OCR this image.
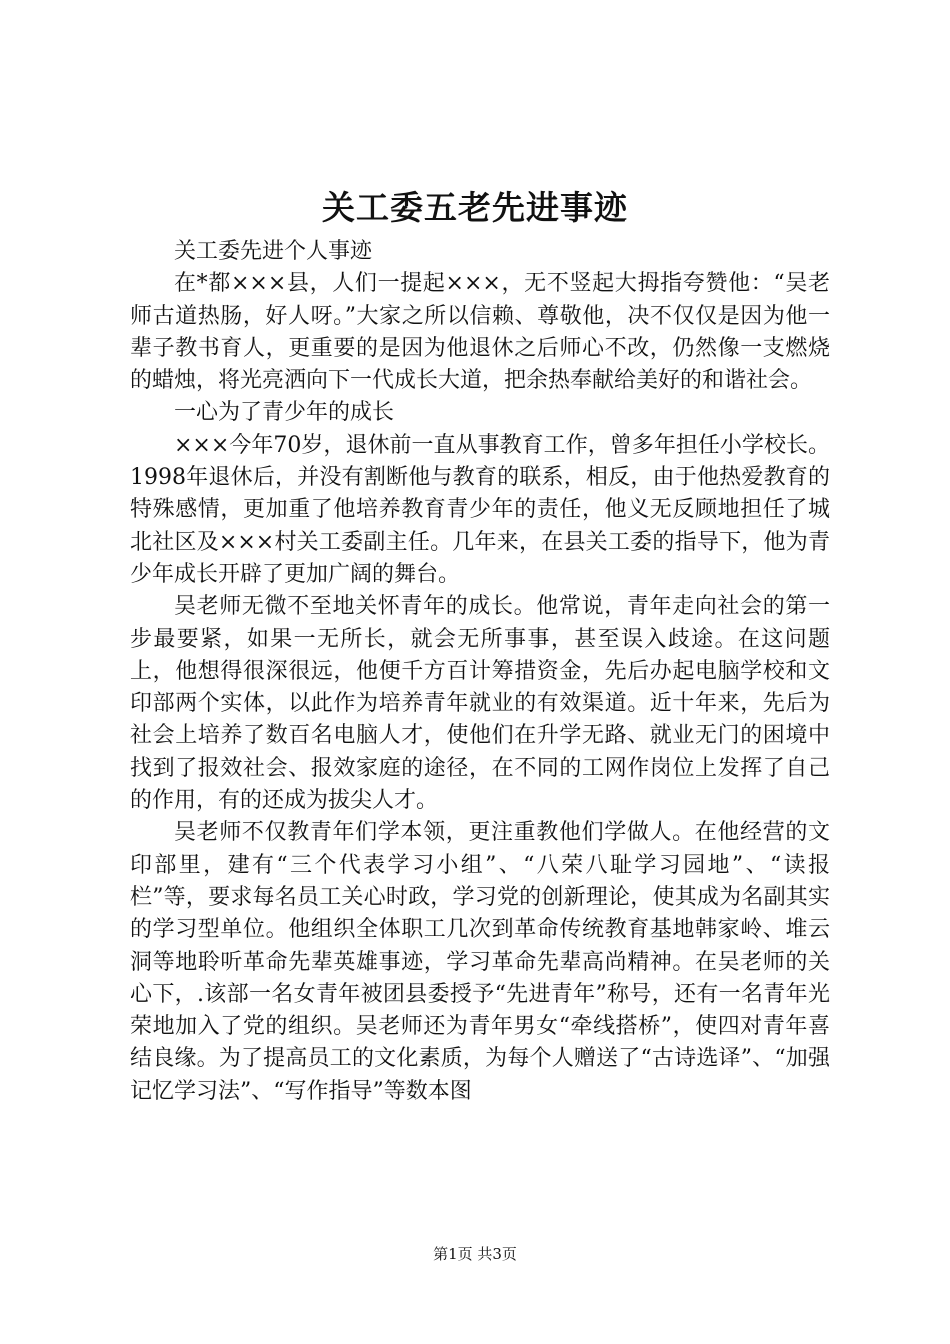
关工委五老先进事迹

关工委先进个人事迹

在*都×××县，人们一提起×××，无不竖起大拇指夸赞他：“吴老师古道热肠，好人呀。”大家之所以信赖、尊敬他，决不仅仅是因为他一辈子教书育人，更重要的是因为他退休之后师心不改，仍然像一支燃烧的蜡烛，将光亮洒向下一代成长大道，把余热奉献给美好的和谐社会。

一心为了青少年的成长

×××今年70岁，退休前一直从事教育工作，曾多年担任小学校长。1998年退休后，并没有割断他与教育的联系，相反，由于他热爱教育的特殊感情，更加重了他培养教育青少年的责任，他义无反顾地担任了城北社区及×××村关工委副主任。几年来，在县关工委的指导下，他为青少年成长开辟了更加广阔的舞台。

吴老师无微不至地关怀青年的成长。他常说，青年走向社会的第一步最要紧，如果一无所长，就会无所事事，甚至误入歧途。在这问题上，他想得很深很远，他便千方百计筹措资金，先后办起电脑学校和文印部两个实体，以此作为培养青年就业的有效渠道。近十年来，先后为社会上培养了数百名电脑人才，使他们在升学无路、就业无门的困境中找到了报效社会、报效家庭的途径，在不同的工网作岗位上发挥了自己的作用，有的还成为拔尖人才。

吴老师不仅教青年们学本领，更注重教他们学做人。在他经营的文印部里，建有“三个代表学习小组”、“八荣八耻学习园地”、“读报栏”等，要求每名员工关心时政，学习党的创新理论，使其成为名副其实的学习型单位。他组织全体职工几次到革命传统教育基地韩家岭、堆云洞等地聆听革命先辈英雄事迹，学习革命先辈高尚精神。在吴老师的关心下，.该部一名女青年被团县委授予“先进青年”称号，还有一名青年光荣地加入了党的组织。吴老师还为青年男女“牵线搭桥”，使四对青年喜结良缘。为了提高员工的文化素质，为每个人赠送了“古诗选译”、“加强记忆学习法”、“写作指导”等数本图

第1页 共3页
